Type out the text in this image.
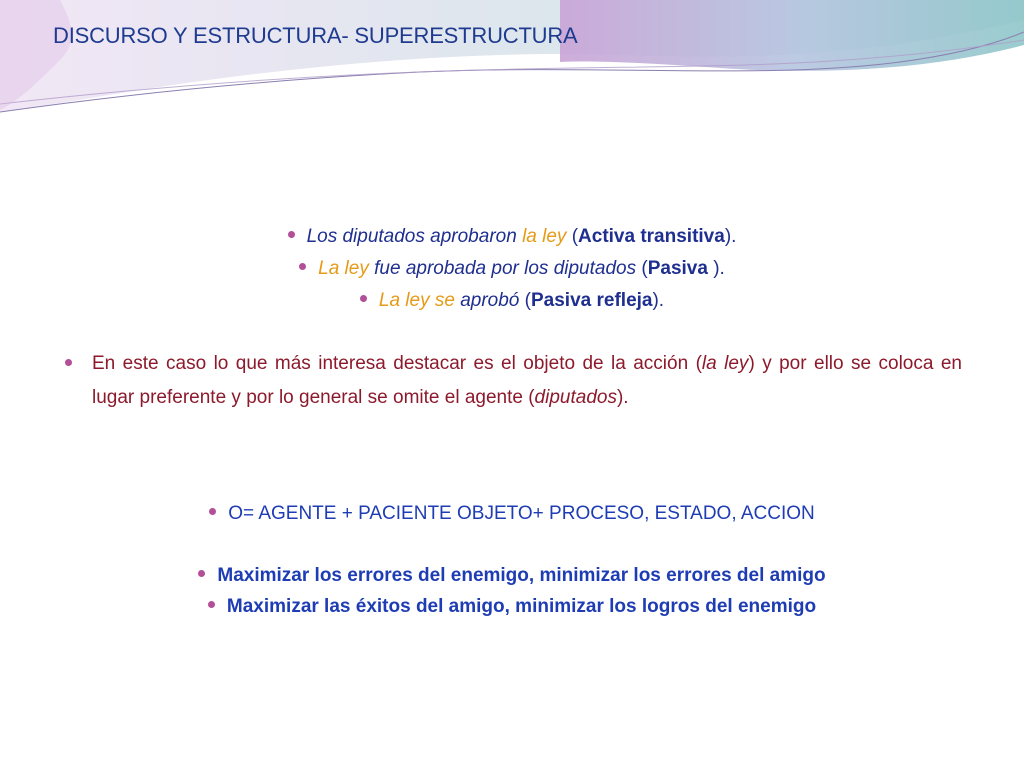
DISCURSO Y ESTRUCTURA- SUPERESTRUCTURA
Los diputados aprobaron la ley (Activa transitiva).
La ley fue aprobada por los diputados (Pasiva ).
La ley se aprobó (Pasiva refleja).
En este caso lo que más interesa destacar es el objeto de la acción (la ley) y por ello se coloca en lugar preferente y por lo general se omite el agente (diputados).
O= AGENTE + PACIENTE OBJETO+ PROCESO, ESTADO, ACCION
Maximizar los errores del enemigo, minimizar los errores del amigo
Maximizar las éxitos del amigo, minimizar los logros del enemigo
